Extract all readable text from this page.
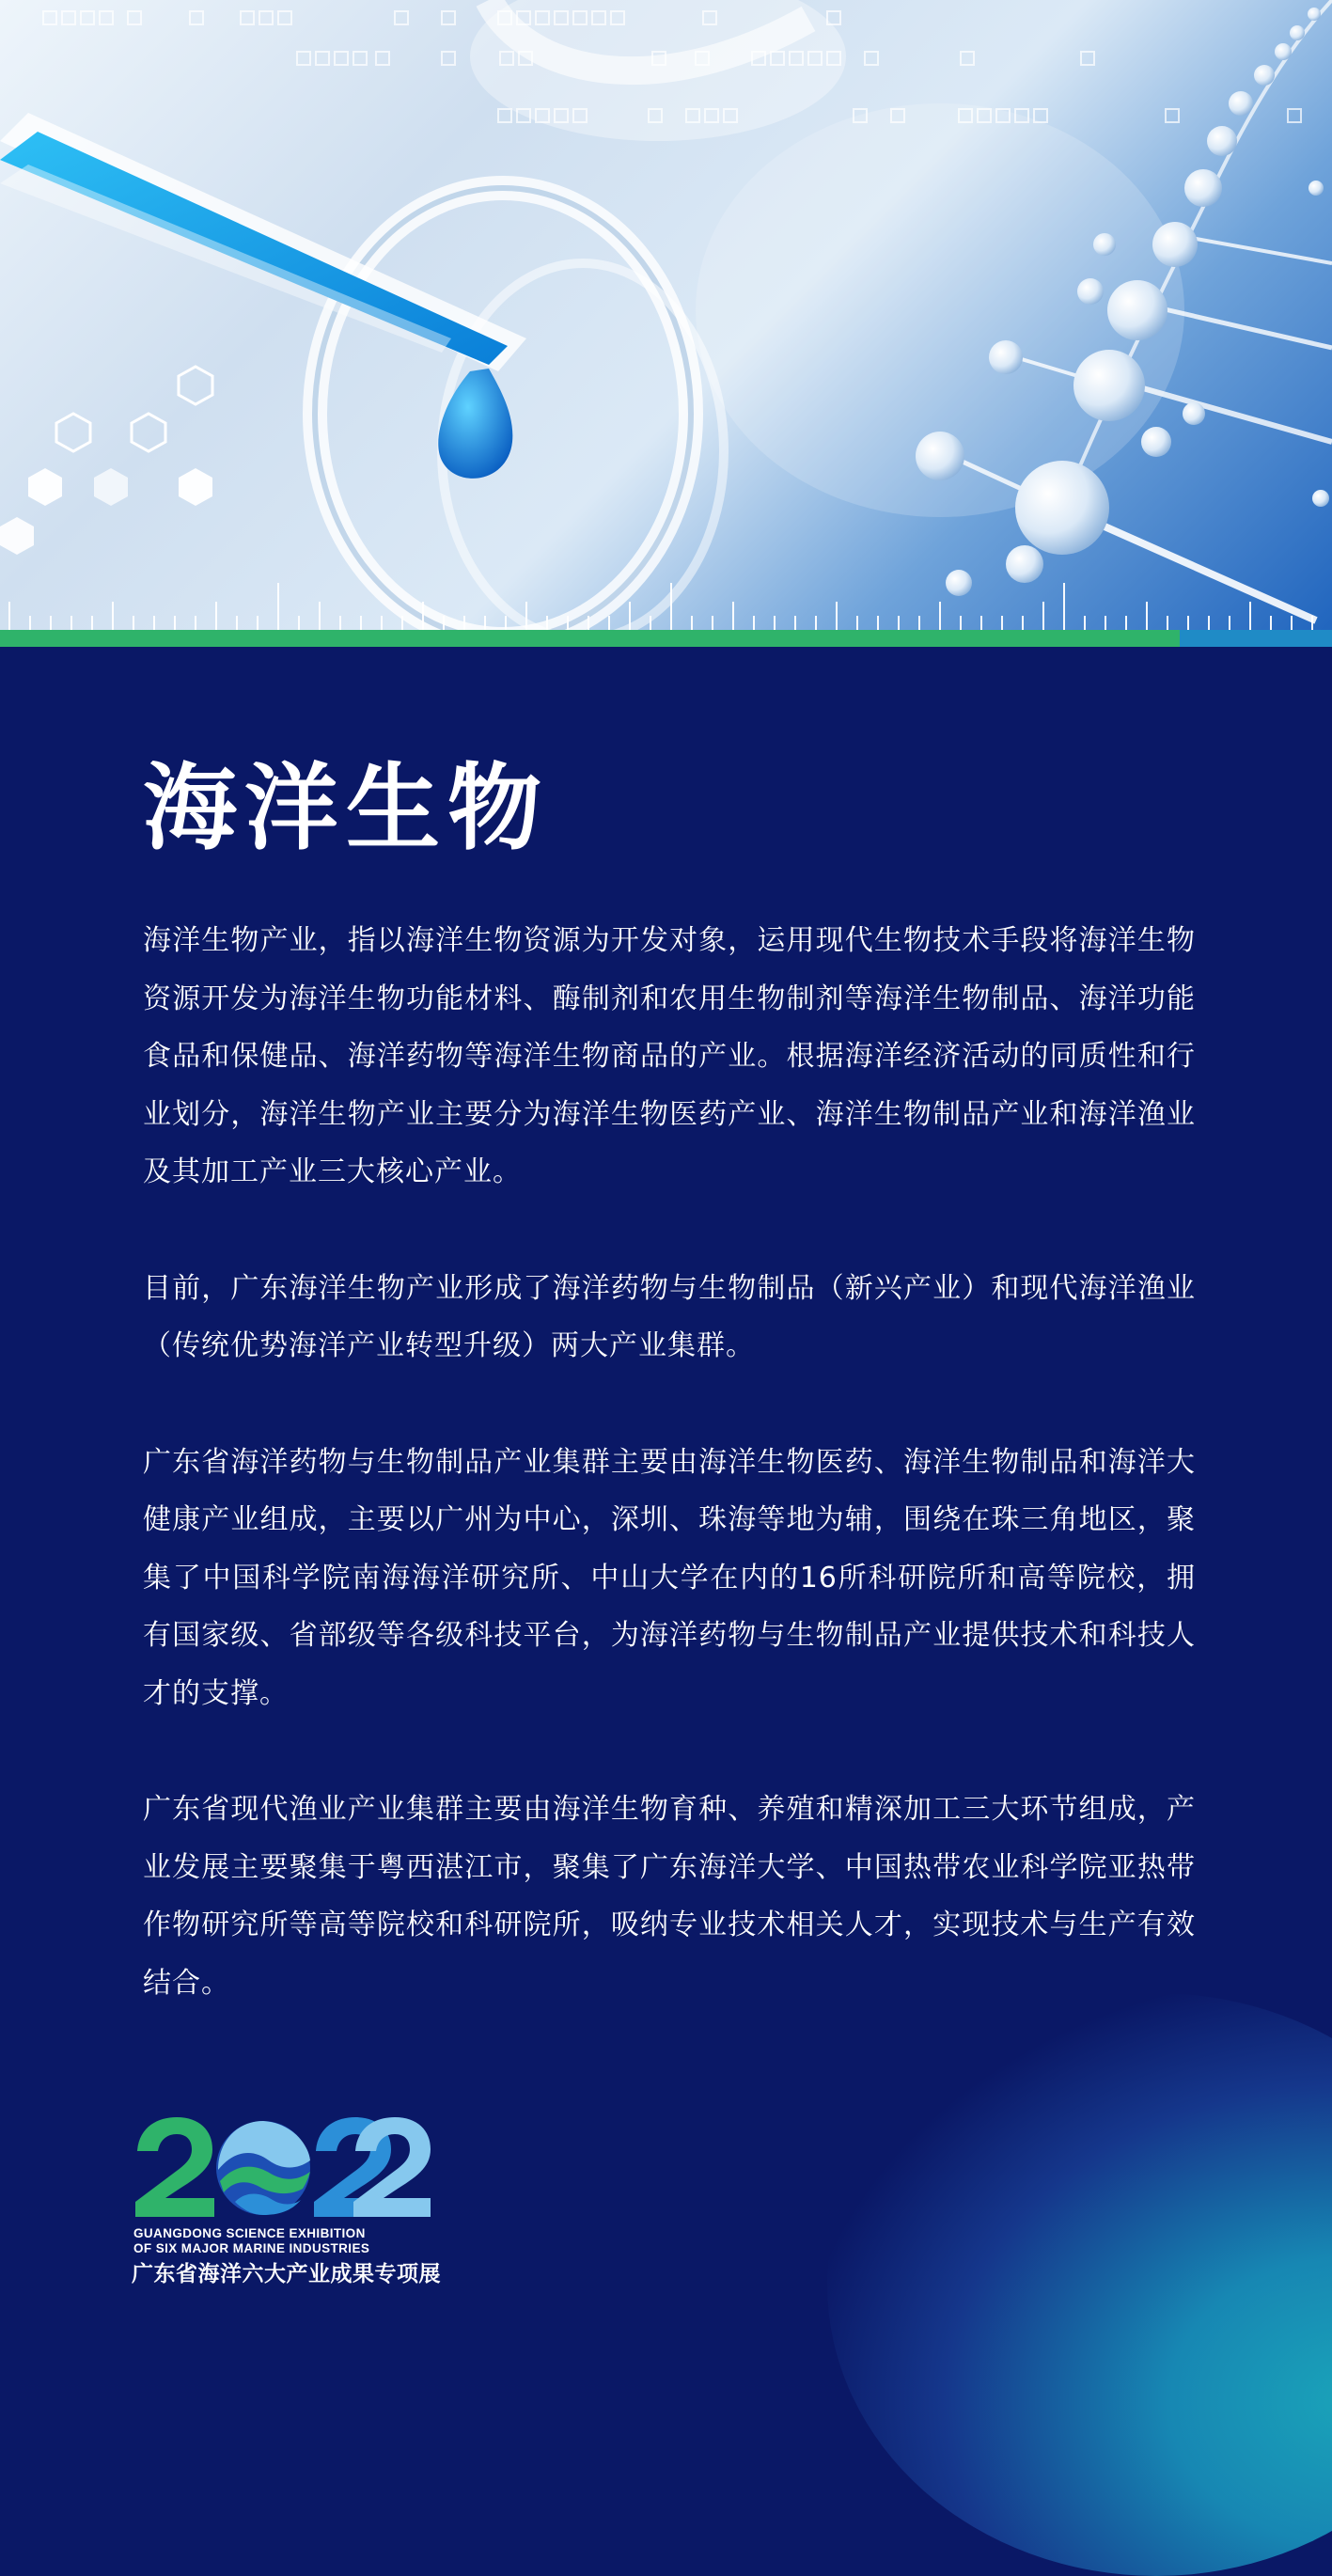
海洋生物

海洋生物产业，指以海洋生物资源为开发对象，运用现代生物技术手段将海洋生物资源开发为海洋生物功能材料、酶制剂和农用生物制剂等海洋生物制品、海洋功能食品和保健品、海洋药物等海洋生物商品的产业。根据海洋经济活动的同质性和行业划分，海洋生物产业主要分为海洋生物医药产业、海洋生物制品产业和海洋渔业及其加工产业三大核心产业。

目前，广东海洋生物产业形成了海洋药物与生物制品（新兴产业）和现代海洋渔业（传统优势海洋产业转型升级）两大产业集群。

广东省海洋药物与生物制品产业集群主要由海洋生物医药、海洋生物制品和海洋大健康产业组成，主要以广州为中心，深圳、珠海等地为辅，围绕在珠三角地区，聚集了中国科学院南海海洋研究所、中山大学在内的16所科研院所和高等院校，拥有国家级、省部级等各级科技平台，为海洋药物与生物制品产业提供技术和科技人才的支撑。

广东省现代渔业产业集群主要由海洋生物育种、养殖和精深加工三大环节组成，产业发展主要聚集于粤西湛江市，聚集了广东海洋大学、中国热带农业科学院亚热带作物研究所等高等院校和科研院所，吸纳专业技术相关人才，实现技术与生产有效结合。

GUANGDONG SCIENCE EXHIBITION
OF SIX MAJOR MARINE INDUSTRIES
广东省海洋六大产业成果专项展
